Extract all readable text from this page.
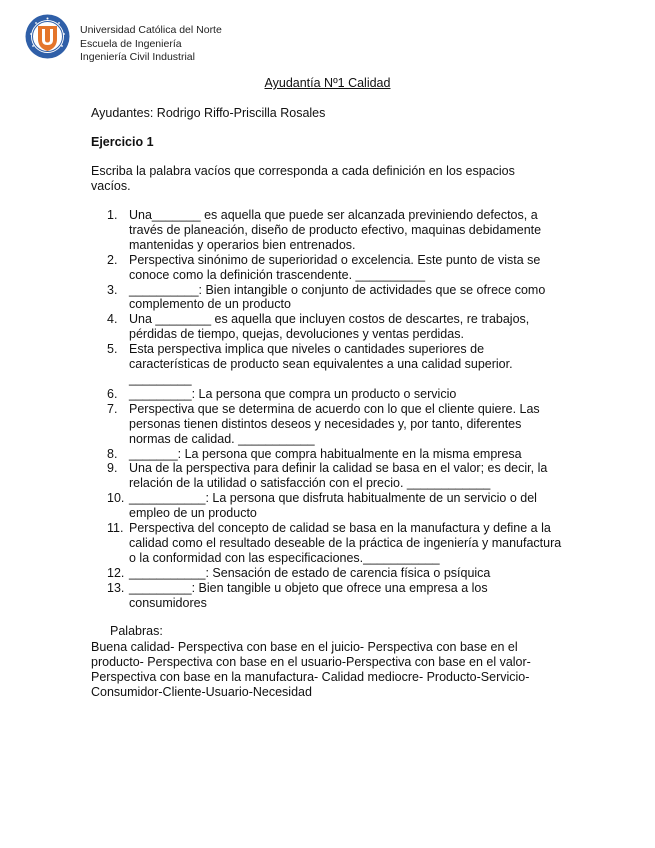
Universidad Católica del Norte
Escuela de Ingeniería
Ingeniería Civil Industrial
Ayudantía Nº1 Calidad
Ayudantes: Rodrigo Riffo-Priscilla Rosales
Ejercicio 1
Escriba la palabra vacíos que corresponda a cada definición en los espacios vacíos.
1. Una_______ es aquella que puede ser alcanzada previniendo defectos, a través de planeación, diseño de producto efectivo, maquinas debidamente mantenidas y operarios bien entrenados.
2. Perspectiva sinónimo de superioridad o excelencia. Este punto de vista se conoce como la definición trascendente. __________
3. __________: Bien intangible o conjunto de actividades que se ofrece como complemento de un producto
4. Una ________ es aquella que incluyen costos de descartes, re trabajos, pérdidas de tiempo, quejas, devoluciones y ventas perdidas.
5. Esta perspectiva implica que niveles o cantidades superiores de características de producto sean equivalentes a una calidad superior. _________
6. _________: La persona que compra un producto o servicio
7. Perspectiva que se determina de acuerdo con lo que el cliente quiere. Las personas tienen distintos deseos y necesidades y, por tanto, diferentes normas de calidad. ___________
8. _______: La persona que compra habitualmente en la misma empresa
9. Una de la perspectiva para definir la calidad se basa en el valor; es decir, la relación de la utilidad o satisfacción con el precio. ____________
10. ___________: La persona que disfruta habitualmente de un servicio o del empleo de un producto
11. Perspectiva del concepto de calidad se basa en la manufactura y define a la calidad como el resultado deseable de la práctica de ingeniería y manufactura o la conformidad con las especificaciones.___________
12. ___________: Sensación de estado de carencia física o psíquica
13. _________: Bien tangible u objeto que ofrece una empresa a los consumidores
Palabras:
Buena calidad- Perspectiva con base en el juicio- Perspectiva con base en el producto- Perspectiva con base en el usuario-Perspectiva con base en el valor- Perspectiva con base en la manufactura- Calidad mediocre- Producto-Servicio- Consumidor-Cliente-Usuario-Necesidad
